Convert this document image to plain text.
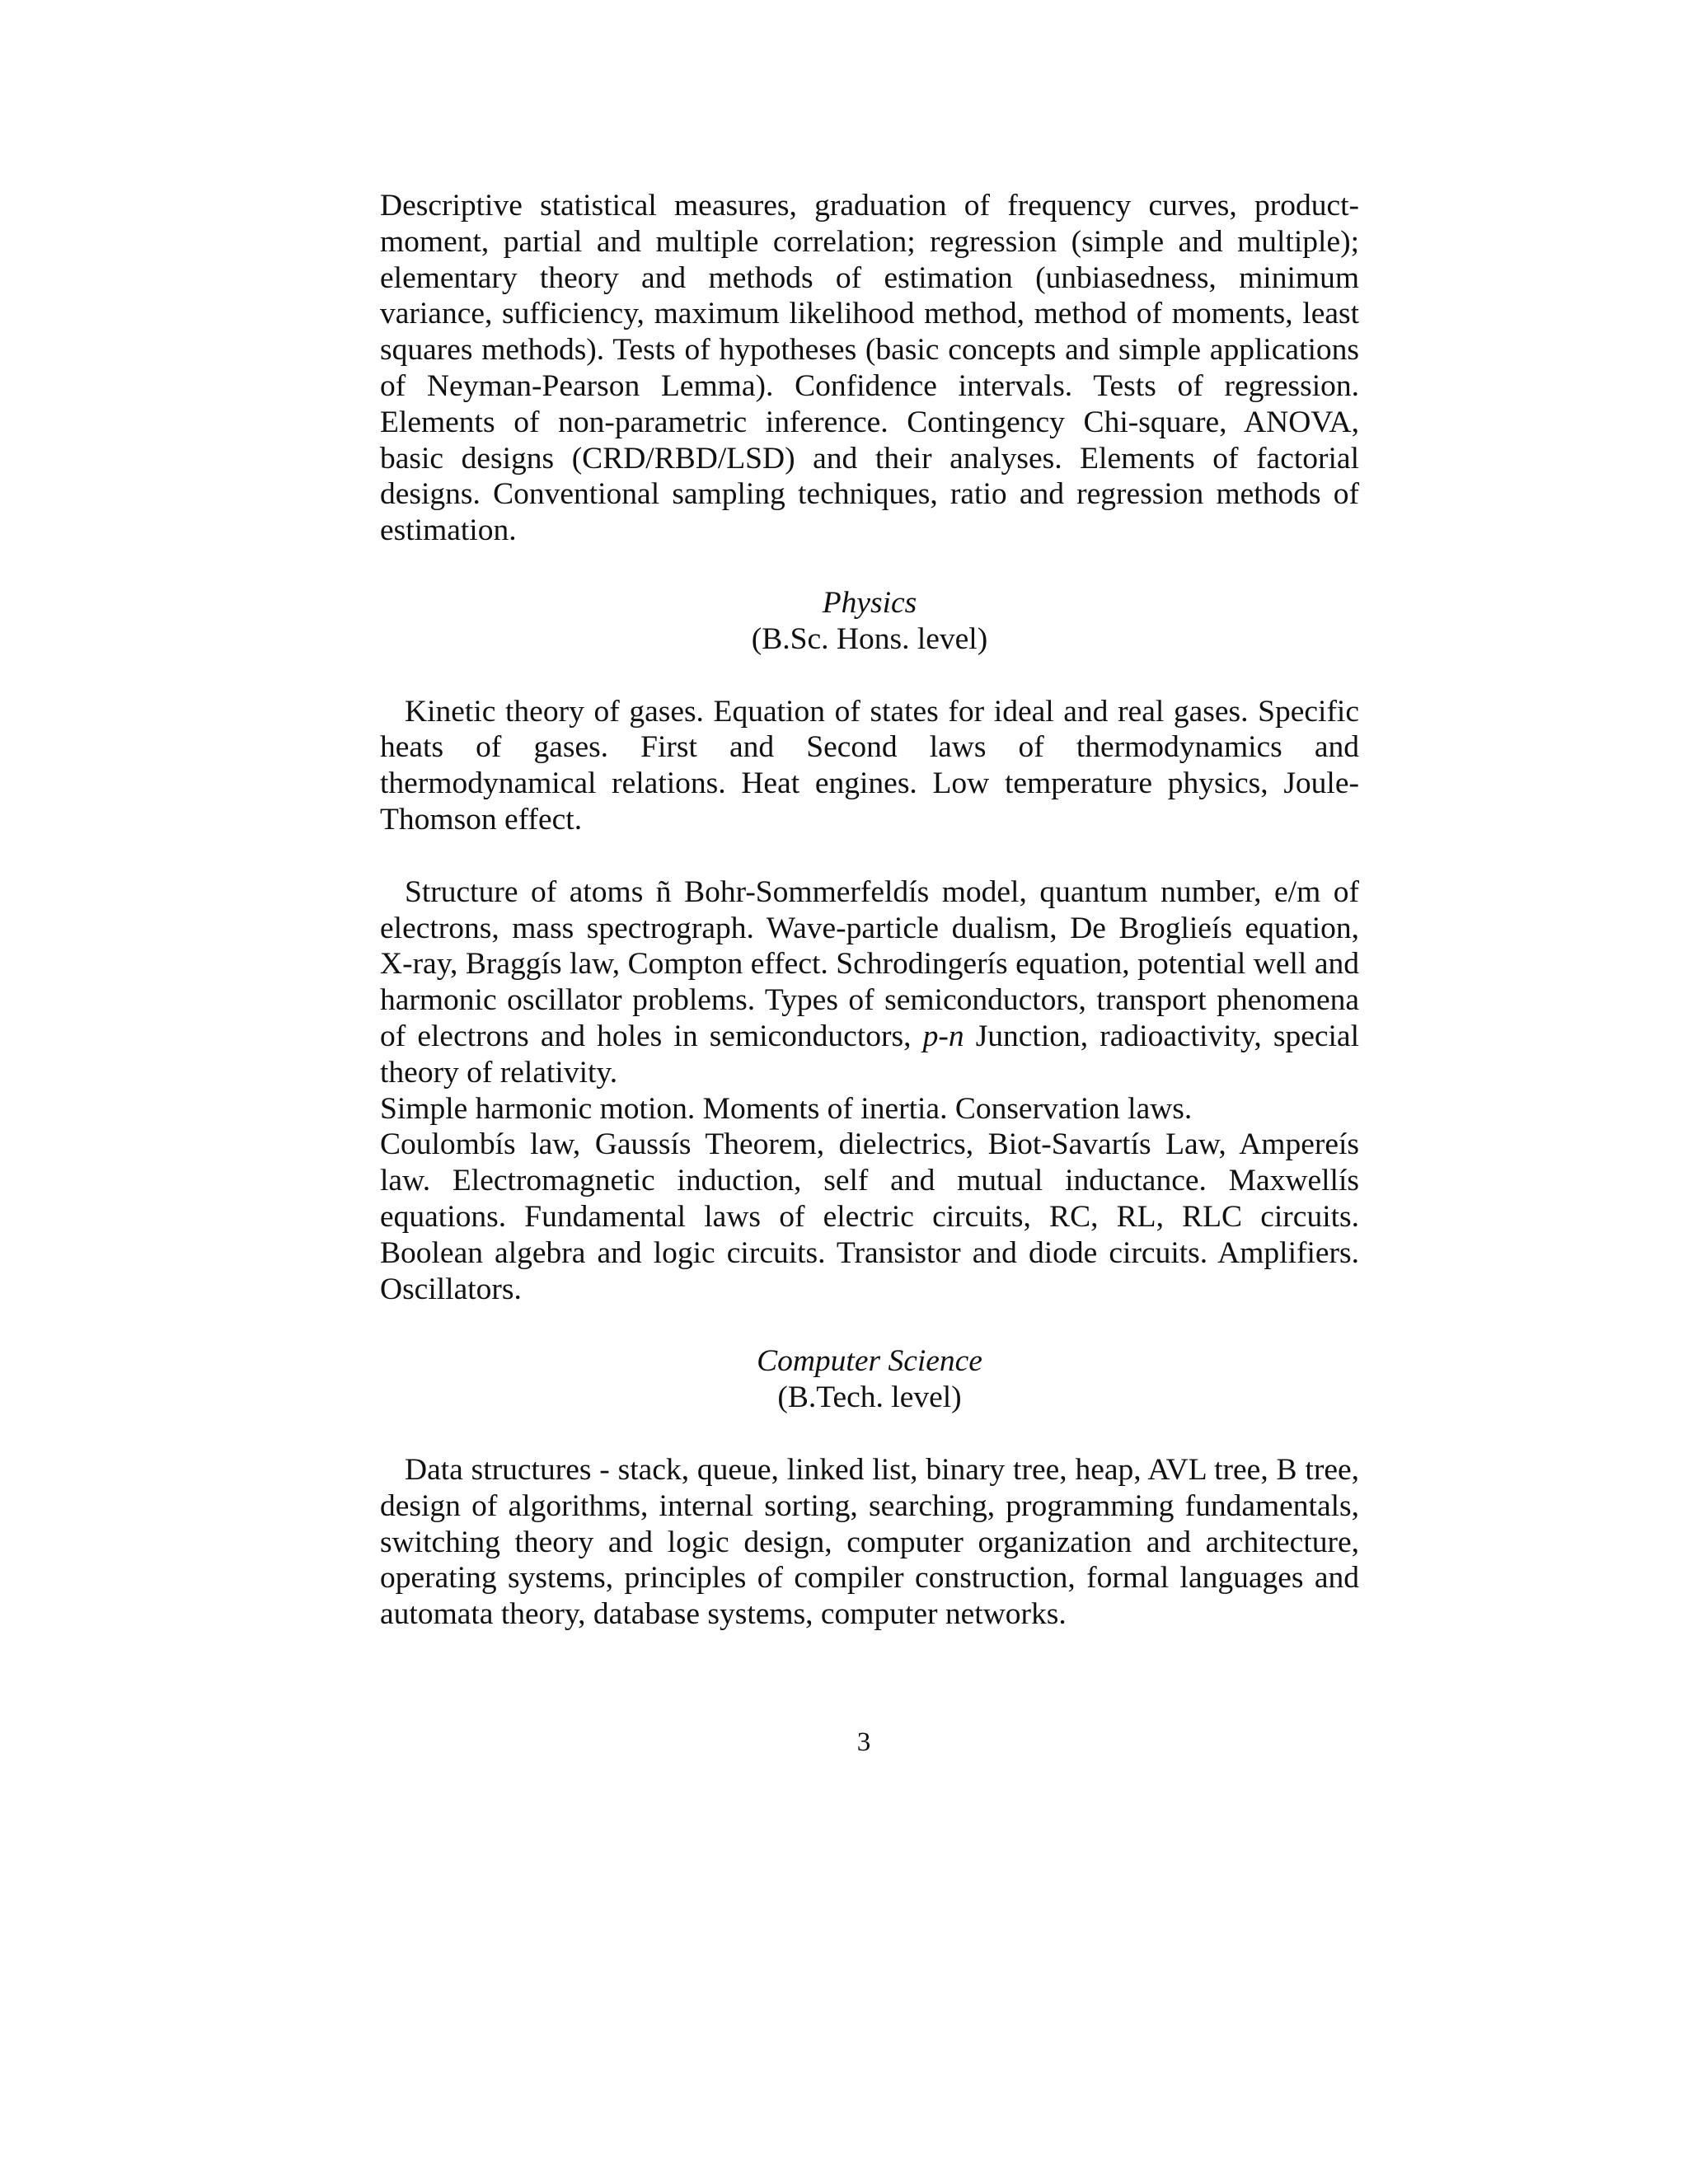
Descriptive statistical measures, graduation of frequency curves, product-moment, partial and multiple correlation; regression (simple and multiple); elementary theory and methods of estimation (unbiasedness, minimum variance, sufficiency, maximum likelihood method, method of moments, least squares methods). Tests of hypotheses (basic concepts and simple applications of Neyman-Pearson Lemma). Confidence intervals. Tests of regression. Elements of non-parametric inference. Contingency Chi-square, ANOVA, basic designs (CRD/RBD/LSD) and their analyses. Elements of factorial designs. Conventional sampling techniques, ratio and regression methods of estimation.

Physics
(B.Sc. Hons. level)

Kinetic theory of gases. Equation of states for ideal and real gases. Specific heats of gases. First and Second laws of thermodynamics and thermodynamical relations. Heat engines. Low temperature physics, Joule-Thomson effect.

Structure of atoms ñ Bohr-Sommerfeldís model, quantum number, e/m of electrons, mass spectrograph. Wave-particle dualism, De Broglieís equation, X-ray, Braggís law, Compton effect. Schrodingerís equation, potential well and harmonic oscillator problems. Types of semiconductors, transport phenomena of electrons and holes in semiconductors, p-n Junction, radioactivity, special theory of relativity.

Simple harmonic motion. Moments of inertia. Conservation laws.

Coulombís law, Gaussís Theorem, dielectrics, Biot-Savartís Law, Ampereís law. Electromagnetic induction, self and mutual inductance. Maxwellís equations. Fundamental laws of electric circuits, RC, RL, RLC circuits. Boolean algebra and logic circuits. Transistor and diode circuits. Amplifiers. Oscillators.

Computer Science
(B.Tech. level)

Data structures - stack, queue, linked list, binary tree, heap, AVL tree, B tree, design of algorithms, internal sorting, searching, programming fundamentals, switching theory and logic design, computer organization and architecture, operating systems, principles of compiler construction, formal languages and automata theory, database systems, computer networks.

3
